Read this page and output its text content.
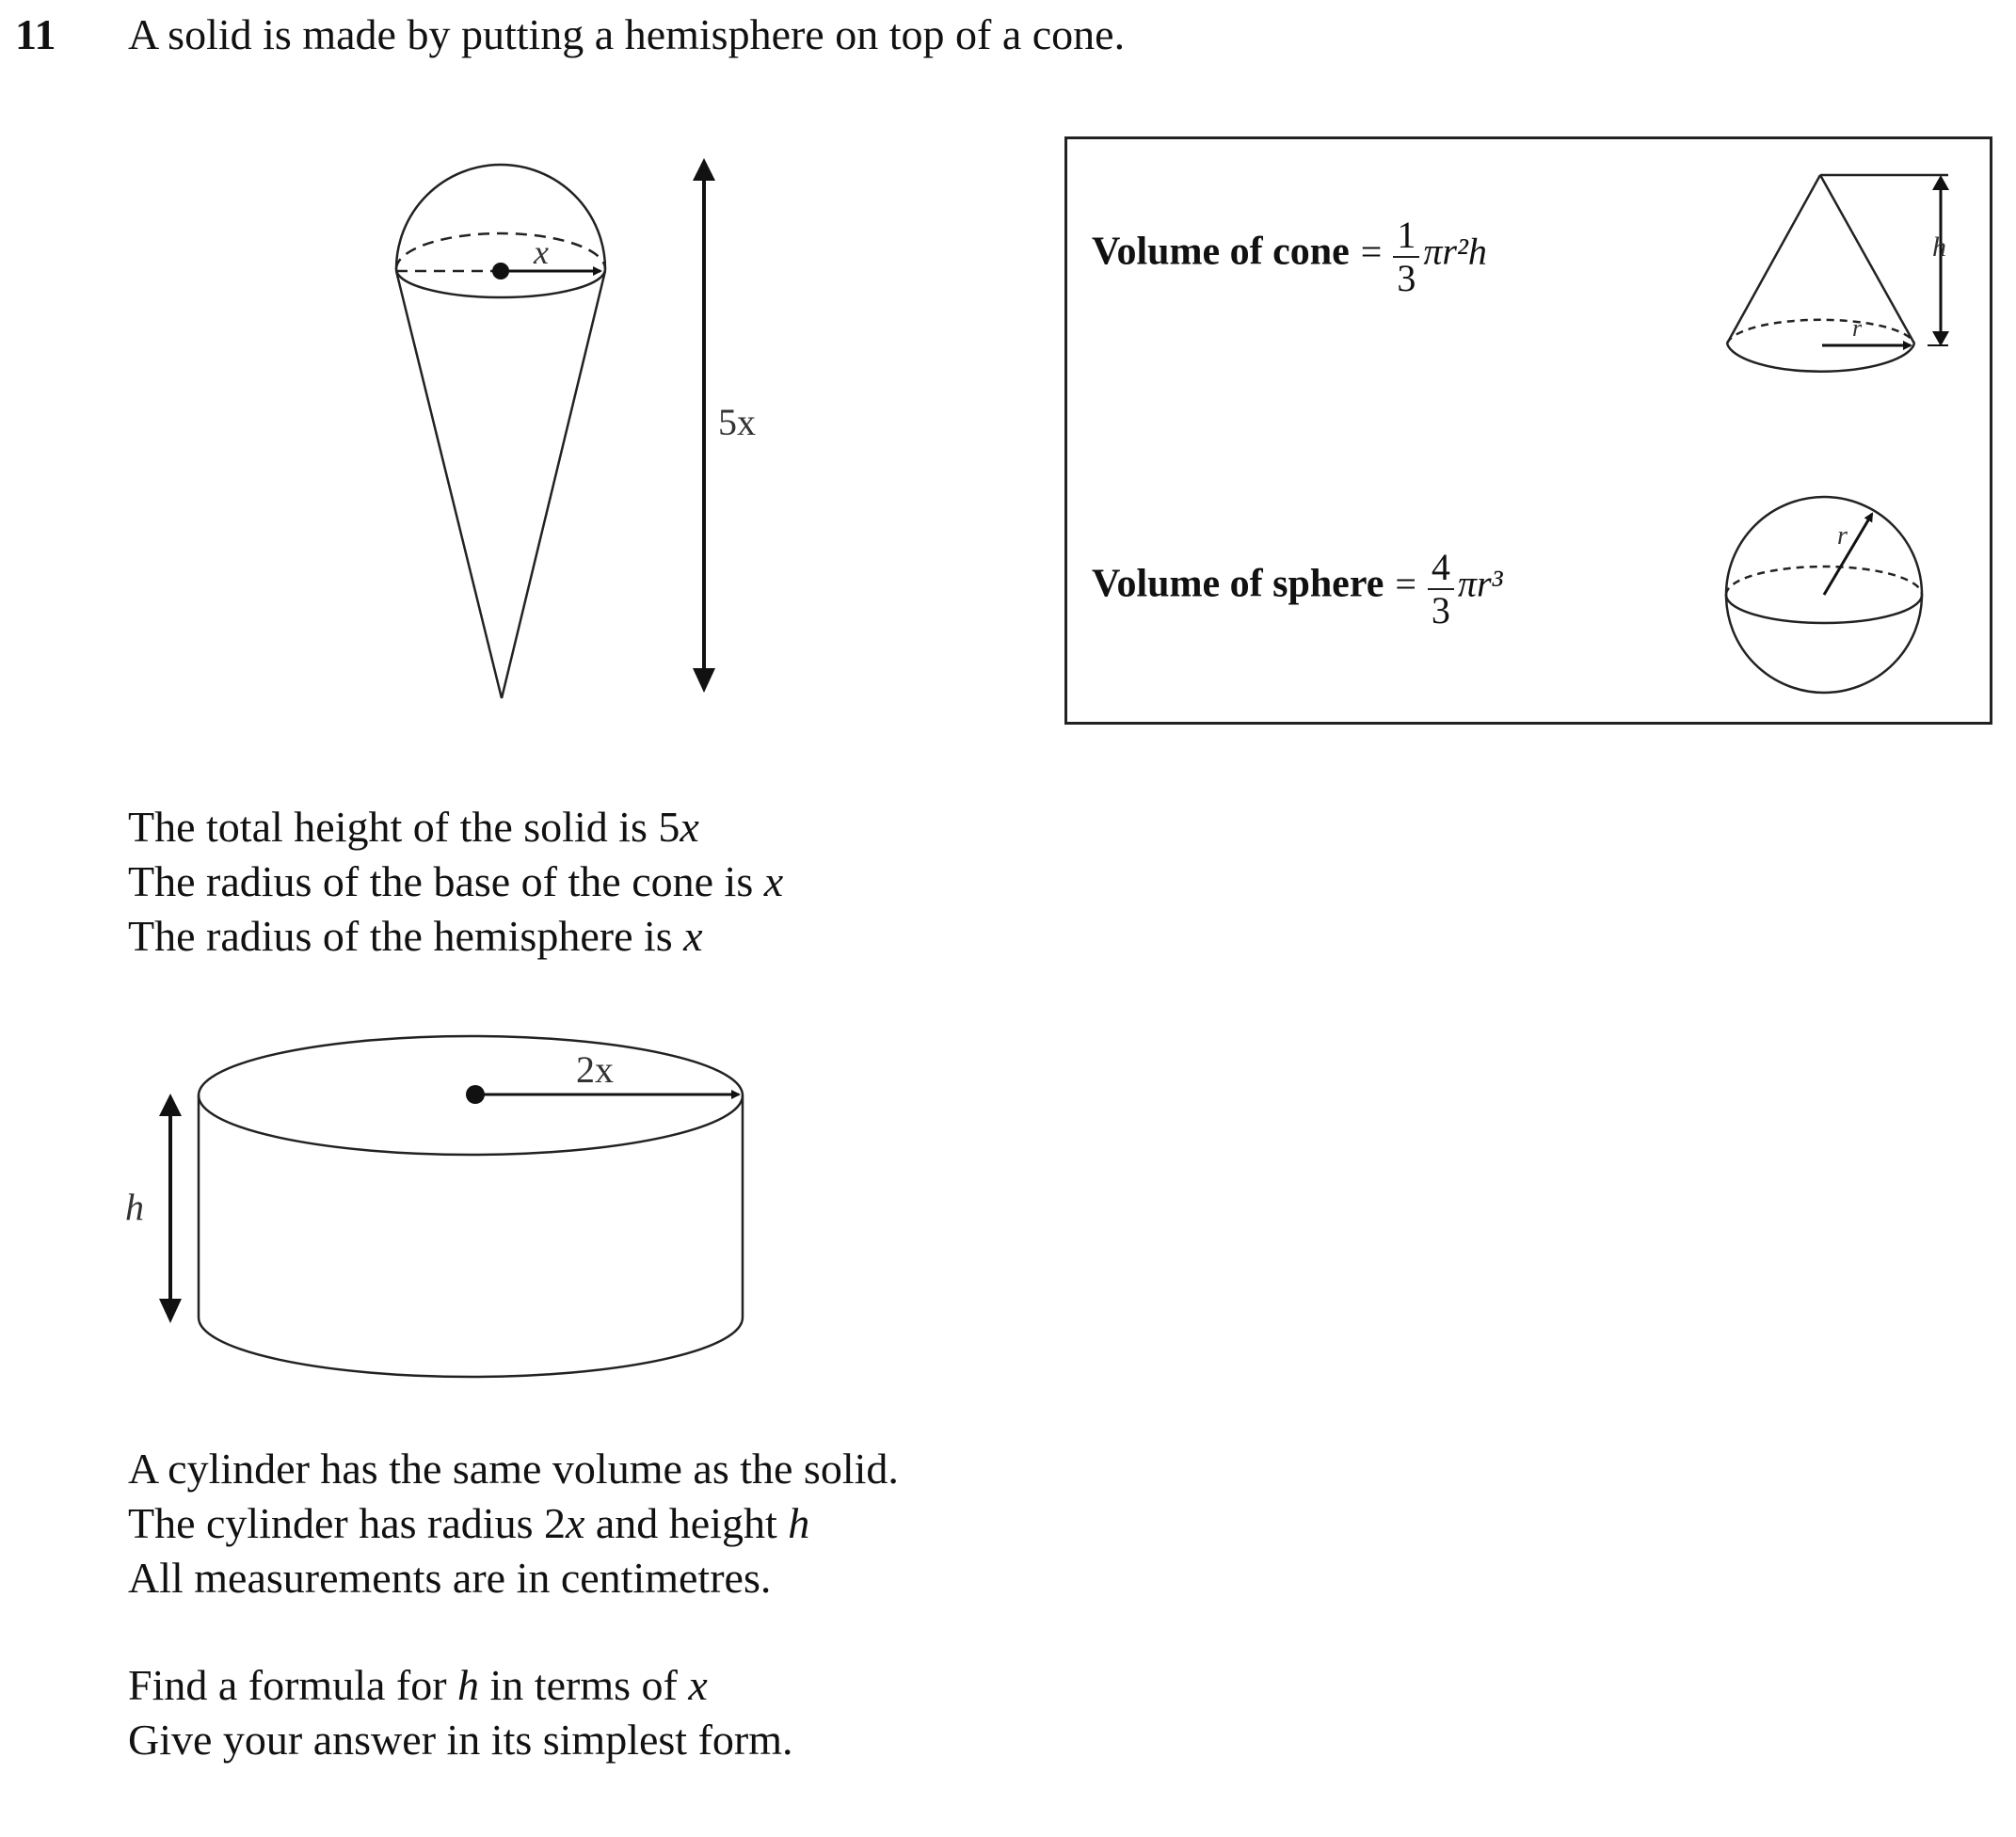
11 A solid is made by putting a hemisphere on top of a cone.
x
5x
2x
h
Volume of cone = $\frac{1}{3} \pi r^2h$
Volume of sphere = $\frac{4}{3} \pi r^3$
h
r
r
The total height of the solid is 5x
The radius of the base of the cone is x
The radius of the hemisphere is x
A cylinder has the same volume as the solid.
The cylinder has radius 2x and height h
All measurements are in centimetres.
Find a formula for h in terms of x
Give your answer in its simplest form.
